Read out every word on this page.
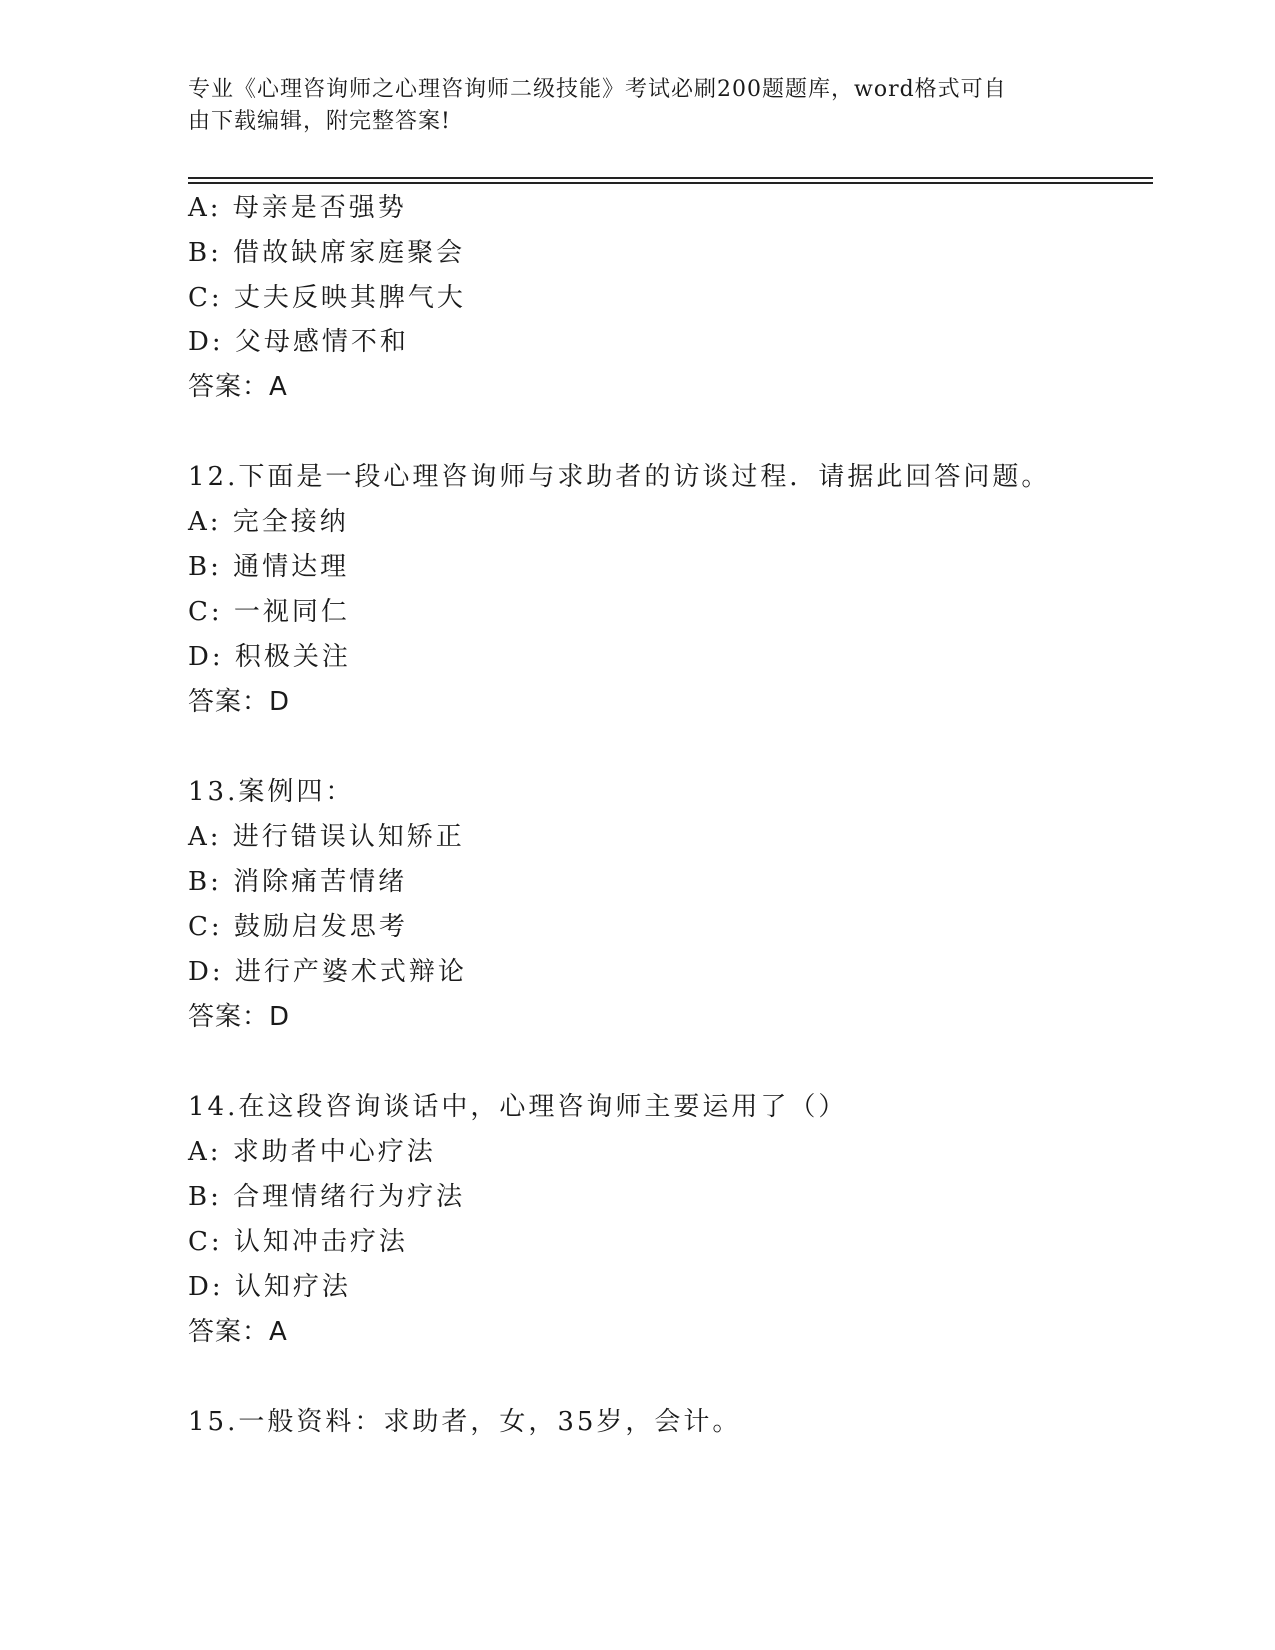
专业《心理咨询师之心理咨询师二级技能》考试必刷200题题库，word格式可自
由下载编辑，附完整答案!
A: 母亲是否强势
B: 借故缺席家庭聚会
C: 丈夫反映其脾气大
D: 父母感情不和
答案：A
12.下面是一段心理咨询师与求助者的访谈过程．请据此回答问题。
A: 完全接纳
B: 通情达理
C: 一视同仁
D: 积极关注
答案：D
13.案例四：
A: 进行错误认知矫正
B: 消除痛苦情绪
C: 鼓励启发思考
D: 进行产婆术式辩论
答案：D
14.在这段咨询谈话中，心理咨询师主要运用了（）
A: 求助者中心疗法
B: 合理情绪行为疗法
C: 认知冲击疗法
D: 认知疗法
答案：A
15.一般资料：求助者，女，35岁，会计。
